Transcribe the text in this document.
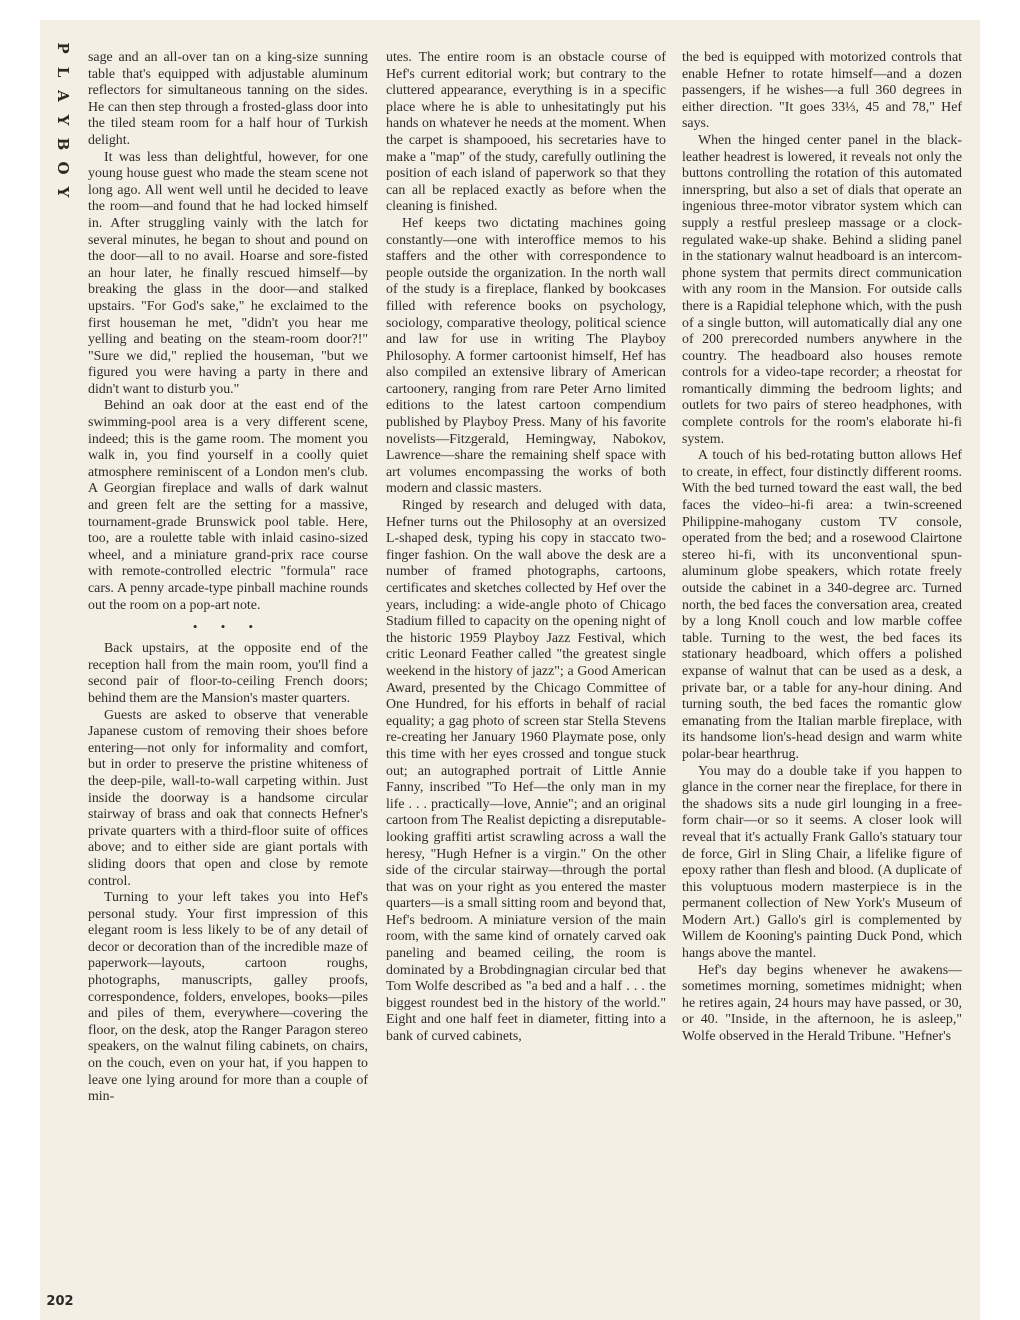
P
L
A
Y
B
O
Y
202

sage and an all-over tan on a king-size sunning table that's equipped with adjustable aluminum reflectors for simultaneous tanning on the sides. He can then step through a frosted-glass door into the tiled steam room for a half hour of Turkish delight.

It was less than delightful, however, for one young house guest who made the steam scene not long ago. All went well until he decided to leave the room—and found that he had locked himself in. After struggling vainly with the latch for several minutes, he began to shout and pound on the door—all to no avail. Hoarse and sore-fisted an hour later, he finally rescued himself—by breaking the glass in the door—and stalked upstairs. "For God's sake," he exclaimed to the first houseman he met, "didn't you hear me yelling and beating on the steam-room door?!" "Sure we did," replied the houseman, "but we figured you were having a party in there and didn't want to disturb you."

Behind an oak door at the east end of the swimming-pool area is a very different scene, indeed; this is the game room. The moment you walk in, you find yourself in a coolly quiet atmosphere reminiscent of a London men's club. A Georgian fireplace and walls of dark walnut and green felt are the setting for a massive, tournament-grade Brunswick pool table. Here, too, are a roulette table with inlaid casino-sized wheel, and a miniature grand-prix race course with remote-controlled electric "formula" race cars. A penny arcade-type pinball machine rounds out the room on a pop-art note.

• • •

Back upstairs, at the opposite end of the reception hall from the main room, you'll find a second pair of floor-to-ceiling French doors; behind them are the Mansion's master quarters.

Guests are asked to observe that venerable Japanese custom of removing their shoes before entering—not only for informality and comfort, but in order to preserve the pristine whiteness of the deep-pile, wall-to-wall carpeting within. Just inside the doorway is a handsome circular stairway of brass and oak that connects Hefner's private quarters with a third-floor suite of offices above; and to either side are giant portals with sliding doors that open and close by remote control.

Turning to your left takes you into Hef's personal study. Your first impression of this elegant room is less likely to be of any detail of decor or decoration than of the incredible maze of paperwork—layouts, cartoon roughs, photographs, manuscripts, galley proofs, correspondence, folders, envelopes, books—piles and piles of them, everywhere—covering the floor, on the desk, atop the Ranger Paragon stereo speakers, on the walnut filing cabinets, on chairs, on the couch, even on your hat, if you happen to leave one lying around for more than a couple of min-

utes. The entire room is an obstacle course of Hef's current editorial work; but contrary to the cluttered appearance, everything is in a specific place where he is able to unhesitatingly put his hands on whatever he needs at the moment. When the carpet is shampooed, his secretaries have to make a "map" of the study, carefully outlining the position of each island of paperwork so that they can all be replaced exactly as before when the cleaning is finished.

Hef keeps two dictating machines going constantly—one with interoffice memos to his staffers and the other with correspondence to people outside the organization. In the north wall of the study is a fireplace, flanked by bookcases filled with reference books on psychology, sociology, comparative theology, political science and law for use in writing The Playboy Philosophy. A former cartoonist himself, Hef has also compiled an extensive library of American cartoonery, ranging from rare Peter Arno limited editions to the latest cartoon compendium published by Playboy Press. Many of his favorite novelists—Fitzgerald, Hemingway, Nabokov, Lawrence—share the remaining shelf space with art volumes encompassing the works of both modern and classic masters.

Ringed by research and deluged with data, Hefner turns out the Philosophy at an oversized L-shaped desk, typing his copy in staccato two-finger fashion. On the wall above the desk are a number of framed photographs, cartoons, certificates and sketches collected by Hef over the years, including: a wide-angle photo of Chicago Stadium filled to capacity on the opening night of the historic 1959 Playboy Jazz Festival, which critic Leonard Feather called "the greatest single weekend in the history of jazz"; a Good American Award, presented by the Chicago Committee of One Hundred, for his efforts in behalf of racial equality; a gag photo of screen star Stella Stevens re-creating her January 1960 Playmate pose, only this time with her eyes crossed and tongue stuck out; an autographed portrait of Little Annie Fanny, inscribed "To Hef—the only man in my life . . . practically—love, Annie"; and an original cartoon from The Realist depicting a disreputable-looking graffiti artist scrawling across a wall the heresy, "Hugh Hefner is a virgin." On the other side of the circular stairway—through the portal that was on your right as you entered the master quarters—is a small sitting room and beyond that, Hef's bedroom. A miniature version of the main room, with the same kind of ornately carved oak paneling and beamed ceiling, the room is dominated by a Brobdingnagian circular bed that Tom Wolfe described as "a bed and a half . . . the biggest roundest bed in the history of the world." Eight and one half feet in diameter, fitting into a bank of curved cabinets,

the bed is equipped with motorized controls that enable Hefner to rotate himself—and a dozen passengers, if he wishes—a full 360 degrees in either direction. "It goes 33⅓, 45 and 78," Hef says.

When the hinged center panel in the black-leather headrest is lowered, it reveals not only the buttons controlling the rotation of this automated innerspring, but also a set of dials that operate an ingenious three-motor vibrator system which can supply a restful presleep massage or a clock-regulated wake-up shake. Behind a sliding panel in the stationary walnut headboard is an intercom-phone system that permits direct communication with any room in the Mansion. For outside calls there is a Rapidial telephone which, with the push of a single button, will automatically dial any one of 200 prerecorded numbers anywhere in the country. The headboard also houses remote controls for a video-tape recorder; a rheostat for romantically dimming the bedroom lights; and outlets for two pairs of stereo headphones, with complete controls for the room's elaborate hi-fi system.

A touch of his bed-rotating button allows Hef to create, in effect, four distinctly different rooms. With the bed turned toward the east wall, the bed faces the video–hi-fi area: a twin-screened Philippine-mahogany custom TV console, operated from the bed; and a rosewood Clairtone stereo hi-fi, with its unconventional spun-aluminum globe speakers, which rotate freely outside the cabinet in a 340-degree arc. Turned north, the bed faces the conversation area, created by a long Knoll couch and low marble coffee table. Turning to the west, the bed faces its stationary headboard, which offers a polished expanse of walnut that can be used as a desk, a private bar, or a table for any-hour dining. And turning south, the bed faces the romantic glow emanating from the Italian marble fireplace, with its handsome lion's-head design and warm white polar-bear hearthrug.

You may do a double take if you happen to glance in the corner near the fireplace, for there in the shadows sits a nude girl lounging in a free-form chair—or so it seems. A closer look will reveal that it's actually Frank Gallo's statuary tour de force, Girl in Sling Chair, a lifelike figure of epoxy rather than flesh and blood. (A duplicate of this voluptuous modern masterpiece is in the permanent collection of New York's Museum of Modern Art.) Gallo's girl is complemented by Willem de Kooning's painting Duck Pond, which hangs above the mantel.

Hef's day begins whenever he awakens—sometimes morning, sometimes midnight; when he retires again, 24 hours may have passed, or 30, or 40. "Inside, in the afternoon, he is asleep," Wolfe observed in the Herald Tribune. "Hefner's
